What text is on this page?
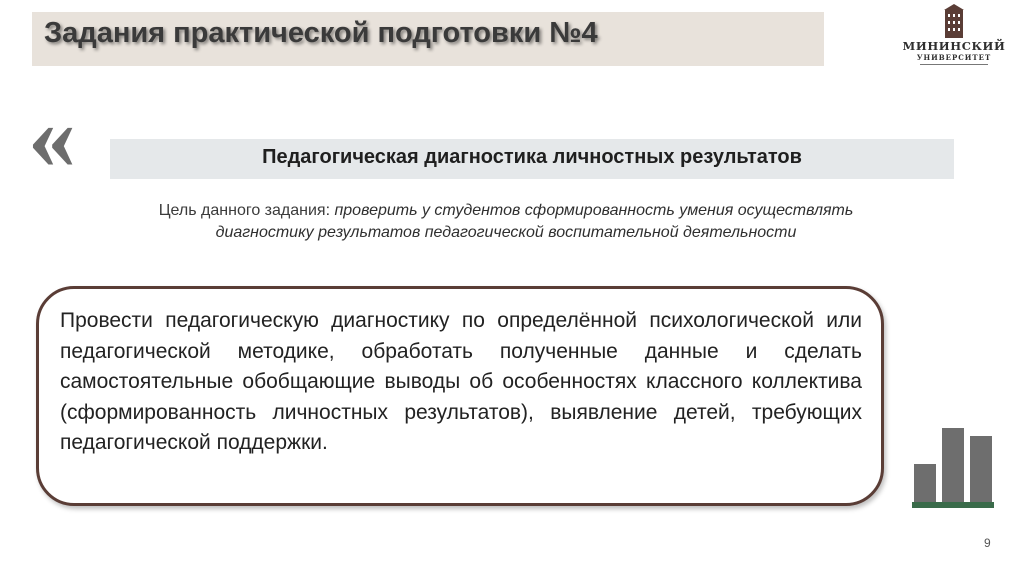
Задания практической подготовки №4	МИНИНСКИЙ
УНИВЕРСИТЕТ
«	Педагогическая диагностика личностных результатов
Цель данного задания: проверить у студентов сформированность умения осуществлять диагностику результатов педагогической воспитательной деятельности
Провести педагогическую диагностику по определённой психологической или педагогической методике, обработать полученные данные и сделать самостоятельные обобщающие выводы об особенностях классного коллектива (сформированность личностных результатов), выявление детей, требующих педагогической поддержки.
9
